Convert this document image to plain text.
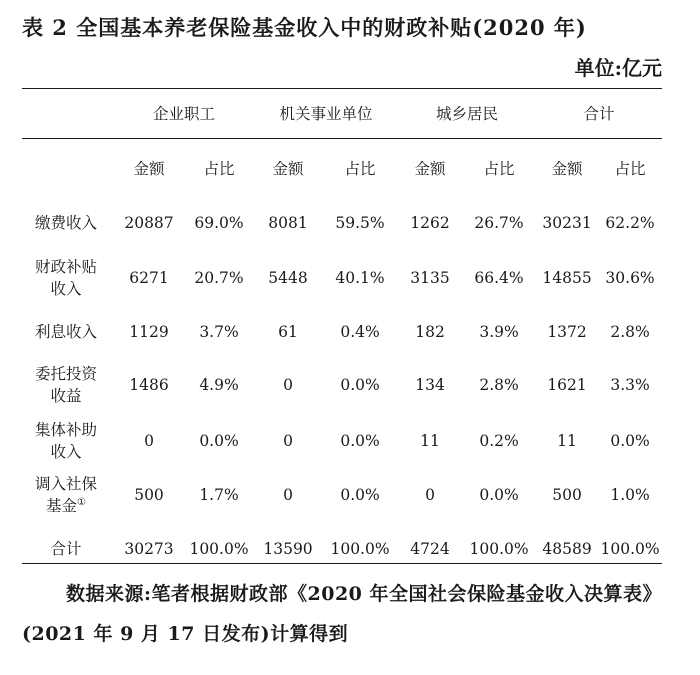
表 2 全国基本养老保险基金收入中的财政补贴(2020 年)
单位:亿元
	企业职工		机关事业单位		城乡居民		合计	
	金额	占比	金额	占比	金额	占比	金额	占比

缴费收入	20887	69.0%	8081	59.5%	1262	26.7%	30231	62.2%

财政补贴
收入	6271	20.7%	5448	40.1%	3135	66.4%	14855	30.6%

利息收入	1129	3.7%	61	0.4%	182	3.9%	1372	2.8%

委托投资
收益	1486	4.9%	0	0.0%	134	2.8%	1621	3.3%

集体补助
收入	0	0.0%	0	0.0%	11	0.2%	11	0.0%

调入社保
基金①	500	1.7%	0	0.0%	0	0.0%	500	1.0%

合计	30273	100.0%	13590	100.0%	4724	100.0%	48589	100.0%
数据来源:笔者根据财政部《2020 年全国社会保险基金收入决算表》(2021 年 9 月 17 日发布)计算得到
